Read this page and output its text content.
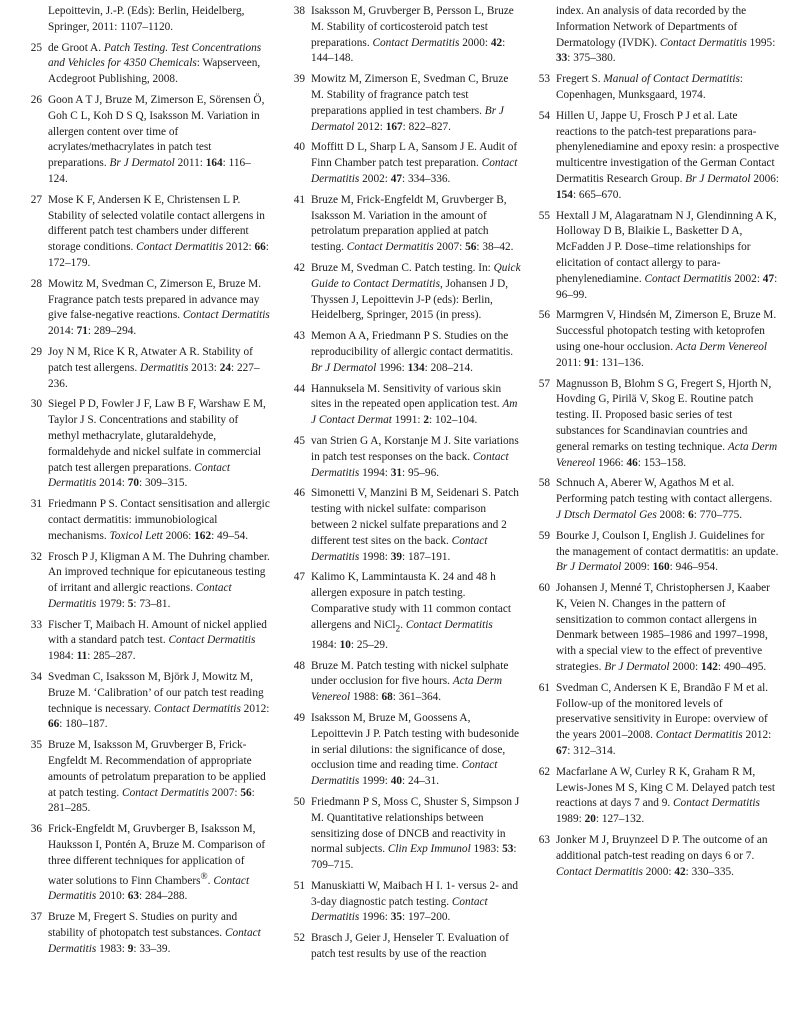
Lepoittevin, J.-P. (Eds): Berlin, Heidelberg, Springer, 2011: 1107–1120.
25 de Groot A. Patch Testing. Test Concentrations and Vehicles for 4350 Chemicals: Wapserveen, Acdegroot Publishing, 2008.
26 Goon A T J, Bruze M, Zimerson E, Sörensen Ö, Goh C L, Koh D S Q, Isaksson M. Variation in allergen content over time of acrylates/methacrylates in patch test preparations. Br J Dermatol 2011: 164: 116–124.
27 Mose K F, Andersen K E, Christensen L P. Stability of selected volatile contact allergens in different patch test chambers under different storage conditions. Contact Dermatitis 2012: 66: 172–179.
28 Mowitz M, Svedman C, Zimerson E, Bruze M. Fragrance patch tests prepared in advance may give false-negative reactions. Contact Dermatitis 2014: 71: 289–294.
29 Joy N M, Rice K R, Atwater A R. Stability of patch test allergens. Dermatitis 2013: 24: 227–236.
30 Siegel P D, Fowler J F, Law B F, Warshaw E M, Taylor J S. Concentrations and stability of methyl methacrylate, glutaraldehyde, formaldehyde and nickel sulfate in commercial patch test allergen preparations. Contact Dermatitis 2014: 70: 309–315.
31 Friedmann P S. Contact sensitisation and allergic contact dermatitis: immunobiological mechanisms. Toxicol Lett 2006: 162: 49–54.
32 Frosch P J, Kligman A M. The Duhring chamber. An improved technique for epicutaneous testing of irritant and allergic reactions. Contact Dermatitis 1979: 5: 73–81.
33 Fischer T, Maibach H. Amount of nickel applied with a standard patch test. Contact Dermatitis 1984: 11: 285–287.
34 Svedman C, Isaksson M, Björk J, Mowitz M, Bruze M. ‘Calibration’ of our patch test reading technique is necessary. Contact Dermatitis 2012: 66: 180–187.
35 Bruze M, Isaksson M, Gruvberger B, Frick-Engfeldt M. Recommendation of appropriate amounts of petrolatum preparation to be applied at patch testing. Contact Dermatitis 2007: 56: 281–285.
36 Frick-Engfeldt M, Gruvberger B, Isaksson M, Hauksson I, Pontén A, Bruze M. Comparison of three different techniques for application of water solutions to Finn Chambers®. Contact Dermatitis 2010: 63: 284–288.
37 Bruze M, Fregert S. Studies on purity and stability of photopatch test substances. Contact Dermatitis 1983: 9: 33–39.
38 Isaksson M, Gruvberger B, Persson L, Bruze M. Stability of corticosteroid patch test preparations. Contact Dermatitis 2000: 42: 144–148.
39 Mowitz M, Zimerson E, Svedman C, Bruze M. Stability of fragrance patch test preparations applied in test chambers. Br J Dermatol 2012: 167: 822–827.
40 Moffitt D L, Sharp L A, Sansom J E. Audit of Finn Chamber patch test preparation. Contact Dermatitis 2002: 47: 334–336.
41 Bruze M, Frick-Engfeldt M, Gruvberger B, Isaksson M. Variation in the amount of petrolatum preparation applied at patch testing. Contact Dermatitis 2007: 56: 38–42.
42 Bruze M, Svedman C. Patch testing. In: Quick Guide to Contact Dermatitis, Johansen J D, Thyssen J, Lepoittevin J-P (eds): Berlin, Heidelberg, Springer, 2015 (in press).
43 Memon A A, Friedmann P S. Studies on the reproducibility of allergic contact dermatitis. Br J Dermatol 1996: 134: 208–214.
44 Hannuksela M. Sensitivity of various skin sites in the repeated open application test. Am J Contact Dermat 1991: 2: 102–104.
45 van Strien G A, Korstanje M J. Site variations in patch test responses on the back. Contact Dermatitis 1994: 31: 95–96.
46 Simonetti V, Manzini B M, Seidenari S. Patch testing with nickel sulfate: comparison between 2 nickel sulfate preparations and 2 different test sites on the back. Contact Dermatitis 1998: 39: 187–191.
47 Kalimo K, Lammintausta K. 24 and 48 h allergen exposure in patch testing. Comparative study with 11 common contact allergens and NiCl$_2$. Contact Dermatitis 1984: 10: 25–29.
48 Bruze M. Patch testing with nickel sulphate under occlusion for five hours. Acta Derm Venereol 1988: 68: 361–364.
49 Isaksson M, Bruze M, Goossens A, Lepoittevin J P. Patch testing with budesonide in serial dilutions: the significance of dose, occlusion time and reading time. Contact Dermatitis 1999: 40: 24–31.
50 Friedmann P S, Moss C, Shuster S, Simpson J M. Quantitative relationships between sensitizing dose of DNCB and reactivity in normal subjects. Clin Exp Immunol 1983: 53: 709–715.
51 Manuskiatti W, Maibach H I. 1- versus 2- and 3-day diagnostic patch testing. Contact Dermatitis 1996: 35: 197–200.
52 Brasch J, Geier J, Henseler T. Evaluation of patch test results by use of the reaction
index. An analysis of data recorded by the Information Network of Departments of Dermatology (IVDK). Contact Dermatitis 1995: 33: 375–380.
53 Fregert S. Manual of Contact Dermatitis: Copenhagen, Munksgaard, 1974.
54 Hillen U, Jappe U, Frosch P J et al. Late reactions to the patch-test preparations para-phenylenediamine and epoxy resin: a prospective multicentre investigation of the German Contact Dermatitis Research Group. Br J Dermatol 2006: 154: 665–670.
55 Hextall J M, Alagaratnam N J, Glendinning A K, Holloway D B, Blaikie L, Basketter D A, McFadden J P. Dose–time relationships for elicitation of contact allergy to para-phenylenediamine. Contact Dermatitis 2002: 47: 96–99.
56 Marmgren V, Hindsén M, Zimerson E, Bruze M. Successful photopatch testing with ketoprofen using one-hour occlusion. Acta Derm Venereol 2011: 91: 131–136.
57 Magnusson B, Blohm S G, Fregert S, Hjorth N, Hovding G, Pirilä V, Skog E. Routine patch testing. II. Proposed basic series of test substances for Scandinavian countries and general remarks on testing technique. Acta Derm Venereol 1966: 46: 153–158.
58 Schnuch A, Aberer W, Agathos M et al. Performing patch testing with contact allergens. J Dtsch Dermatol Ges 2008: 6: 770–775.
59 Bourke J, Coulson I, English J. Guidelines for the management of contact dermatitis: an update. Br J Dermatol 2009: 160: 946–954.
60 Johansen J, Menné T, Christophersen J, Kaaber K, Veien N. Changes in the pattern of sensitization to common contact allergens in Denmark between 1985–1986 and 1997–1998, with a special view to the effect of preventive strategies. Br J Dermatol 2000: 142: 490–495.
61 Svedman C, Andersen K E, Brandão F M et al. Follow-up of the monitored levels of preservative sensitivity in Europe: overview of the years 2001–2008. Contact Dermatitis 2012: 67: 312–314.
62 Macfarlane A W, Curley R K, Graham R M, Lewis-Jones M S, King C M. Delayed patch test reactions at days 7 and 9. Contact Dermatitis 1989: 20: 127–132.
63 Jonker M J, Bruynzeel D P. The outcome of an additional patch-test reading on days 6 or 7. Contact Dermatitis 2000: 42: 330–335.
